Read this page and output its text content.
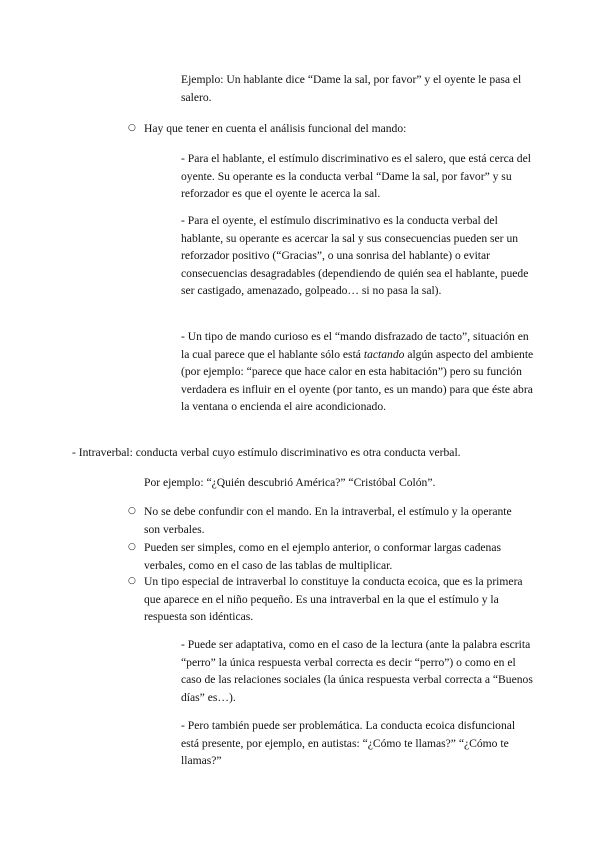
Ejemplo: Un hablante dice “Dame la sal, por favor” y el oyente le pasa el salero.

○ Hay que tener en cuenta el análisis funcional del mando:

- Para el hablante, el estímulo discriminativo es el salero, que está cerca del oyente. Su operante es la conducta verbal “Dame la sal, por favor” y su reforzador es que el oyente le acerca la sal.

- Para el oyente, el estímulo discriminativo es la conducta verbal del hablante, su operante es acercar la sal y sus consecuencias pueden ser un reforzador positivo (“Gracias”, o una sonrisa del hablante) o evitar consecuencias desagradables (dependiendo de quién sea el hablante, puede ser castigado, amenazado, golpeado… si no pasa la sal).

- Un tipo de mando curioso es el “mando disfrazado de tacto”, situación en la cual parece que el hablante sólo está tactando algún aspecto del ambiente (por ejemplo: “parece que hace calor en esta habitación”) pero su función verdadera es influir en el oyente (por tanto, es un mando) para que éste abra la ventana o encienda el aire acondicionado.

- Intraverbal: conducta verbal cuyo estímulo discriminativo es otra conducta verbal.

Por ejemplo: “¿Quién descubrió América?” “Cristóbal Colón”.

○ No se debe confundir con el mando. En la intraverbal, el estímulo y la operante son verbales.

○ Pueden ser simples, como en el ejemplo anterior, o conformar largas cadenas verbales, como en el caso de las tablas de multiplicar.

○ Un tipo especial de intraverbal lo constituye la conducta ecoica, que es la primera que aparece en el niño pequeño. Es una intraverbal en la que el estímulo y la respuesta son idénticas.

- Puede ser adaptativa, como en el caso de la lectura (ante la palabra escrita “perro” la única respuesta verbal correcta es decir “perro”) o como en el caso de las relaciones sociales (la única respuesta verbal correcta a “Buenos días” es…).

- Pero también puede ser problemática. La conducta ecoica disfuncional está presente, por ejemplo, en autistas: “¿Cómo te llamas?” “¿Cómo te llamas?”
